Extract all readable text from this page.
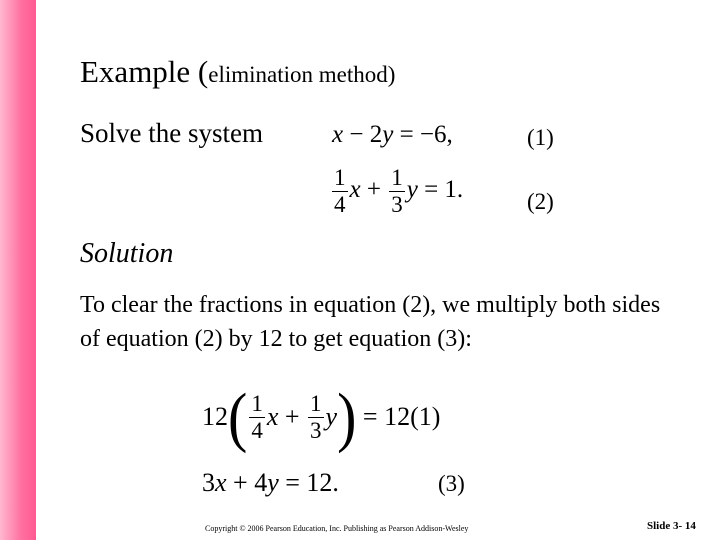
Example (elimination method)
Solve the system	x − 2y = −6,	(1)
$\frac{1}{4}$ $x + \frac{1}{3}$ y = 1.	(2)
Solution
To clear the fractions in equation (2), we multiply both sides of equation (2) by 12 to get equation (3):
$12( \frac{1}{4}$ $x + \frac{1}{3} y) = 12(1)$
3x + 4y = 12.	(3)
Copyright © 2006 Pearson Education, Inc. Publishing as Pearson Addison-Wesley	Slide 3- 14
